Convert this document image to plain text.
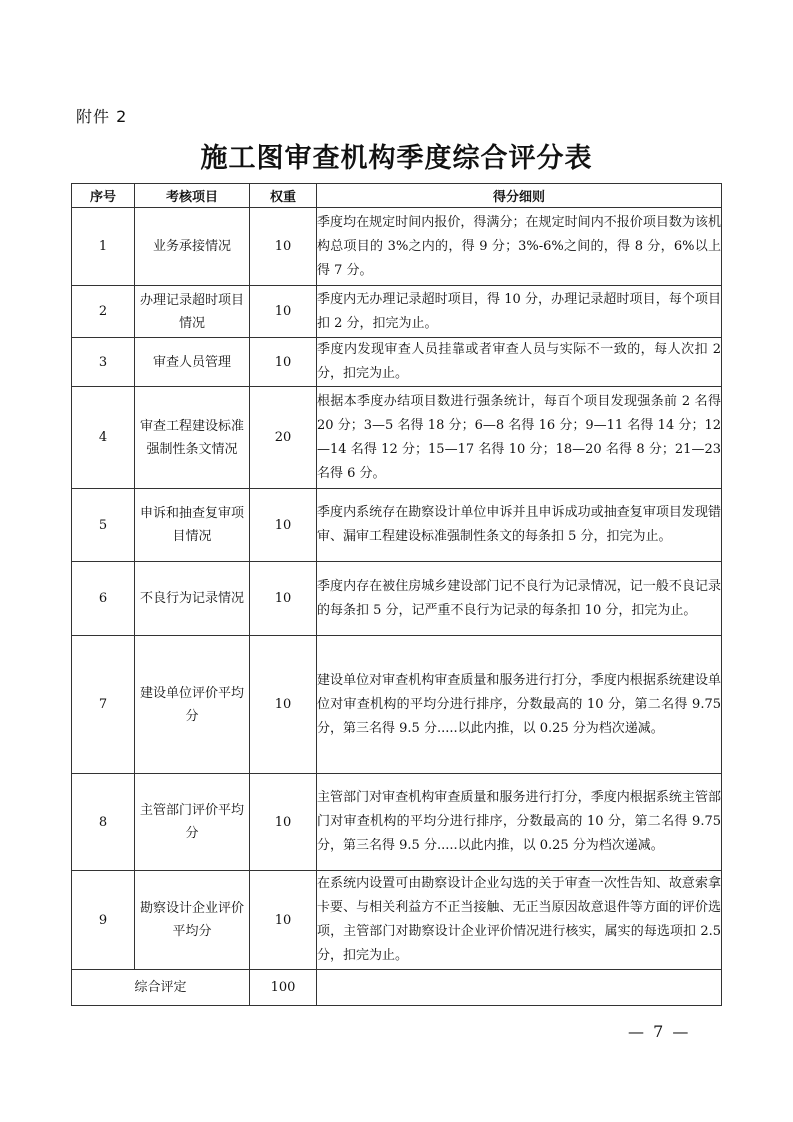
附件 2
施工图审查机构季度综合评分表
序号	考核项目	权重	得分细则
1	业务承接情况	10	季度均在规定时间内报价，得满分；在规定时间内不报价项目数为该机构总项目的 3%之内的，得 9 分；3%-6%之间的，得 8 分，6%以上得 7 分。
2	办理记录超时项目情况	10	季度内无办理记录超时项目，得 10 分，办理记录超时项目，每个项目扣 2 分，扣完为止。
3	审查人员管理	10	季度内发现审查人员挂靠或者审查人员与实际不一致的，每人次扣 2 分，扣完为止。
4	审查工程建设标准强制性条文情况	20	根据本季度办结项目数进行强条统计，每百个项目发现强条前 2 名得 20 分；3—5 名得 18 分；6—8 名得 16 分；9—11 名得 14 分；12—14 名得 12 分；15—17 名得 10 分；18—20 名得 8 分；21—23 名得 6 分。
5	申诉和抽查复审项目情况	10	季度内系统存在勘察设计单位申诉并且申诉成功或抽查复审项目发现错审、漏审工程建设标准强制性条文的每条扣 5 分，扣完为止。
6	不良行为记录情况	10	季度内存在被住房城乡建设部门记不良行为记录情况，记一般不良记录的每条扣 5 分，记严重不良行为记录的每条扣 10 分，扣完为止。
7	建设单位评价平均分	10	建设单位对审查机构审查质量和服务进行打分，季度内根据系统建设单位对审查机构的平均分进行排序，分数最高的 10 分，第二名得 9.75 分，第三名得 9.5 分.....以此内推，以 0.25 分为档次递减。
8	主管部门评价平均分	10	主管部门对审查机构审查质量和服务进行打分，季度内根据系统主管部门对审查机构的平均分进行排序，分数最高的 10 分，第二名得 9.75 分，第三名得 9.5 分.....以此内推，以 0.25 分为档次递减。
9	勘察设计企业评价平均分	10	在系统内设置可由勘察设计企业勾选的关于审查一次性告知、故意索拿卡要、与相关利益方不正当接触、无正当原因故意退件等方面的评价选项，主管部门对勘察设计企业评价情况进行核实，属实的每选项扣 2.5 分，扣完为止。
综合评定		100	
— 7 —
